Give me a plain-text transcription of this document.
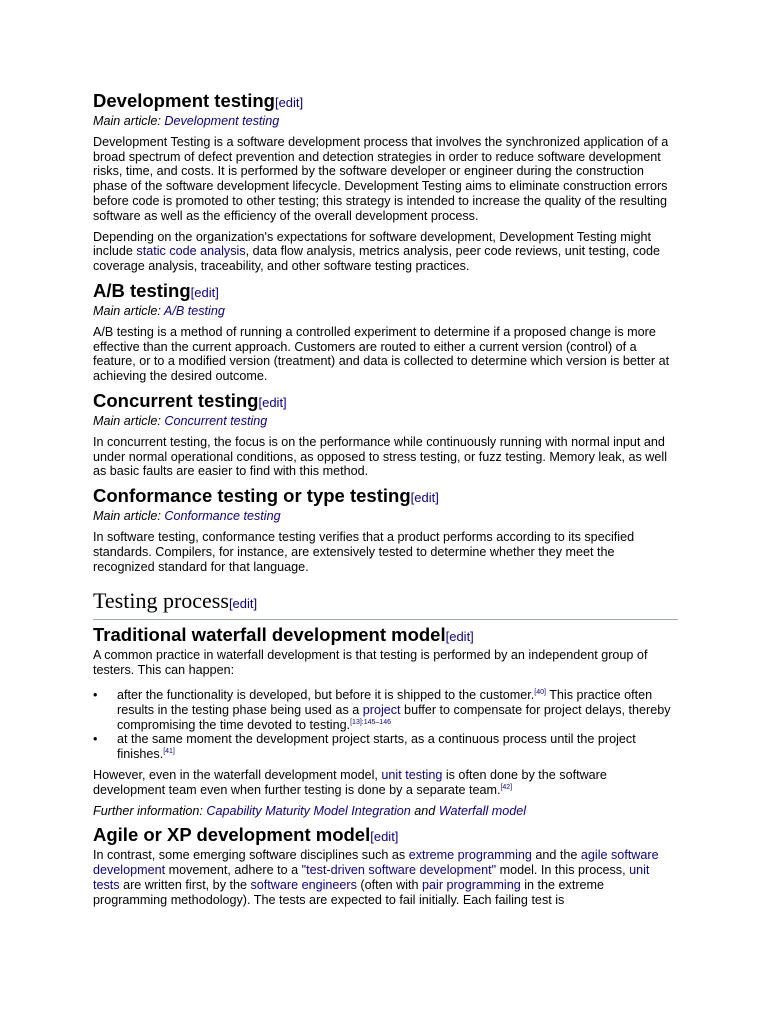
Development testing[edit]
Main article: Development testing

Development Testing is a software development process that involves the synchronized application of a broad spectrum of defect prevention and detection strategies in order to reduce software development risks, time, and costs. It is performed by the software developer or engineer during the construction phase of the software development lifecycle. Development Testing aims to eliminate construction errors before code is promoted to other testing; this strategy is intended to increase the quality of the resulting software as well as the efficiency of the overall development process.

Depending on the organization's expectations for software development, Development Testing might include static code analysis, data flow analysis, metrics analysis, peer code reviews, unit testing, code coverage analysis, traceability, and other software testing practices.

A/B testing[edit]
Main article: A/B testing

A/B testing is a method of running a controlled experiment to determine if a proposed change is more effective than the current approach. Customers are routed to either a current version (control) of a feature, or to a modified version (treatment) and data is collected to determine which version is better at achieving the desired outcome.

Concurrent testing[edit]
Main article: Concurrent testing

In concurrent testing, the focus is on the performance while continuously running with normal input and under normal operational conditions, as opposed to stress testing, or fuzz testing. Memory leak, as well as basic faults are easier to find with this method.

Conformance testing or type testing[edit]
Main article: Conformance testing

In software testing, conformance testing verifies that a product performs according to its specified standards. Compilers, for instance, are extensively tested to determine whether they meet the recognized standard for that language.

Testing process[edit]
Traditional waterfall development model[edit]

A common practice in waterfall development is that testing is performed by an independent group of testers. This can happen:

• after the functionality is developed, but before it is shipped to the customer.[40] This practice often results in the testing phase being used as a project buffer to compensate for project delays, thereby compromising the time devoted to testing.$^{[13]:145-146}$
• at the same moment the development project starts, as a continuous process until the project finishes.[41]

However, even in the waterfall development model, unit testing is often done by the software development team even when further testing is done by a separate team.[42]

Further information: Capability Maturity Model Integration and Waterfall model
Agile or XP development model[edit]

In contrast, some emerging software disciplines such as extreme programming and the agile software development movement, adhere to a "test-driven software development" model. In this process, unit tests are written first, by the software engineers (often with pair programming in the extreme programming methodology). The tests are expected to fail initially. Each failing test is
